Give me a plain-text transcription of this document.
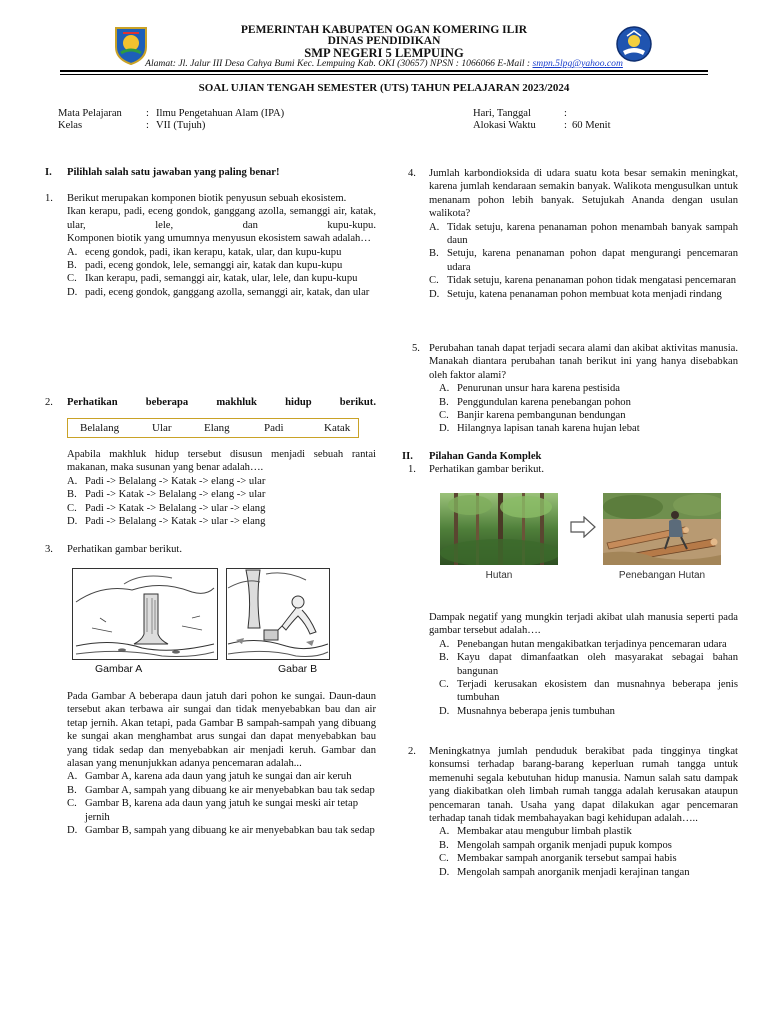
PEMERINTAH KABUPATEN OGAN KOMERING ILIR
DINAS PENDIDIKAN
SMP NEGERI 5 LEMPUING
Alamat: Jl. Jalur III Desa Cahya Bumi Kec. Lempuing Kab. OKI (30657) NPSN : 1066066 E-Mail : smpn.5lpg@yahoo.com
SOAL UJIAN TENGAH SEMESTER (UTS) TAHUN PELAJARAN 2023/2024
Mata Pelajaran : Ilmu Pengetahuan Alam (IPA)
Kelas	: VII (Tujuh)
Hari, Tanggal	:
Alokasi Waktu	: 60 Menit
I. Pilihlah salah satu jawaban yang paling benar!
1. Berikut merupakan komponen biotik penyusun sebuah ekosistem.
Ikan kerapu, padi, eceng gondok, ganggang azolla, semanggi air, katak, ular, lele, dan kupu-kupu.
Komponen biotik yang umumnya menyusun ekosistem sawah adalah…
A. eceng gondok, padi, ikan kerapu, katak, ular, dan kupu-kupu
B. padi, eceng gondok, lele, semanggi air, katak dan kupu-kupu
C. Ikan kerapu, padi, semanggi air, katak, ular, lele, dan kupu-kupu
D. padi, eceng gondok, ganggang azolla, semanggi air, katak, dan ular
2. Perhatikan beberapa makhluk hidup berikut.
Belalang	Ular	Elang	Padi	Katak
Apabila makhluk hidup tersebut disusun menjadi sebuah rantai makanan, maka susunan yang benar adalah….
A. Padi -> Belalang -> Katak -> elang -> ular
B. Padi -> Katak -> Belalang -> elang -> ular
C. Padi -> Katak -> Belalang -> ular -> elang
D. Padi -> Belalang -> Katak -> ular -> elang
3. Perhatikan gambar berikut.
Gambar A	Gabar B
Pada Gambar A beberapa daun jatuh dari pohon ke sungai. Daun-daun tersebut akan terbawa air sungai dan tidak menyebabkan bau dan air tetap jernih. Akan tetapi, pada Gambar B sampah-sampah yang dibuang ke sungai akan menghambat arus sungai dan dapat menyebabkan bau yang tidak sedap dan menyebabkan air menjadi keruh. Gambar dan alasan yang menunjukkan adanya pencemaran adalah...
A. Gambar A, karena ada daun yang jatuh ke sungai dan air keruh
B. Gambar A, sampah yang dibuang ke air menyebabkan bau tak sedap
C. Gambar B, karena ada daun yang jatuh ke sungai meski air tetap jernih
D. Gambar B, sampah yang dibuang ke air menyebabkan bau tak sedap
4. Jumlah karbondioksida di udara suatu kota besar semakin meningkat, karena jumlah kendaraan semakin banyak. Walikota mengusulkan untuk menanam pohon lebih banyak. Setujukah Ananda dengan usulan walikota?
A. Tidak setuju, karena penanaman pohon menambah banyak sampah daun
B. Setuju, karena penanaman pohon dapat mengurangi pencemaran udara
C. Tidak setuju, karena penanaman pohon tidak mengatasi pencemaran
D. Setuju, katena penanaman pohon membuat kota menjadi rindang
5. Perubahan tanah dapat terjadi secara alami dan akibat aktivitas manusia. Manakah diantara perubahan tanah berikut ini yang hanya disebabkan oleh faktor alami?
A. Penurunan unsur hara karena pestisida
B. Penggundulan karena penebangan pohon
C. Banjir karena pembangunan bendungan
D. Hilangnya lapisan tanah karena hujan lebat
II. Pilahan Ganda Komplek
1. Perhatikan gambar berikut.
Hutan	Penebangan Hutan
Dampak negatif yang mungkin terjadi akibat ulah manusia seperti pada gambar tersebut adalah….
A. Penebangan hutan mengakibatkan terjadinya pencemaran udara
B. Kayu dapat dimanfaatkan oleh masyarakat sebagai bahan bangunan
C. Terjadi kerusakan ekosistem dan musnahnya beberapa jenis tumbuhan
D. Musnahnya beberapa jenis tumbuhan
2. Meningkatnya jumlah penduduk berakibat pada tingginya tingkat konsumsi terhadap barang-barang keperluan rumah tangga untuk memenuhi segala kebutuhan hidup manusia. Namun salah satu dampak yang diakibatkan oleh limbah rumah tangga adalah kerusakan ataupun pencemaran tanah. Usaha yang dapat dilakukan agar pencemaran terhadap tanah tidak membahayakan bagi kehidupan adalah…..
A. Membakar atau mengubur limbah plastik
B. Mengolah sampah organik menjadi pupuk kompos
C. Membakar sampah anorganik tersebut sampai habis
D. Mengolah sampah anorganik menjadi kerajinan tangan
